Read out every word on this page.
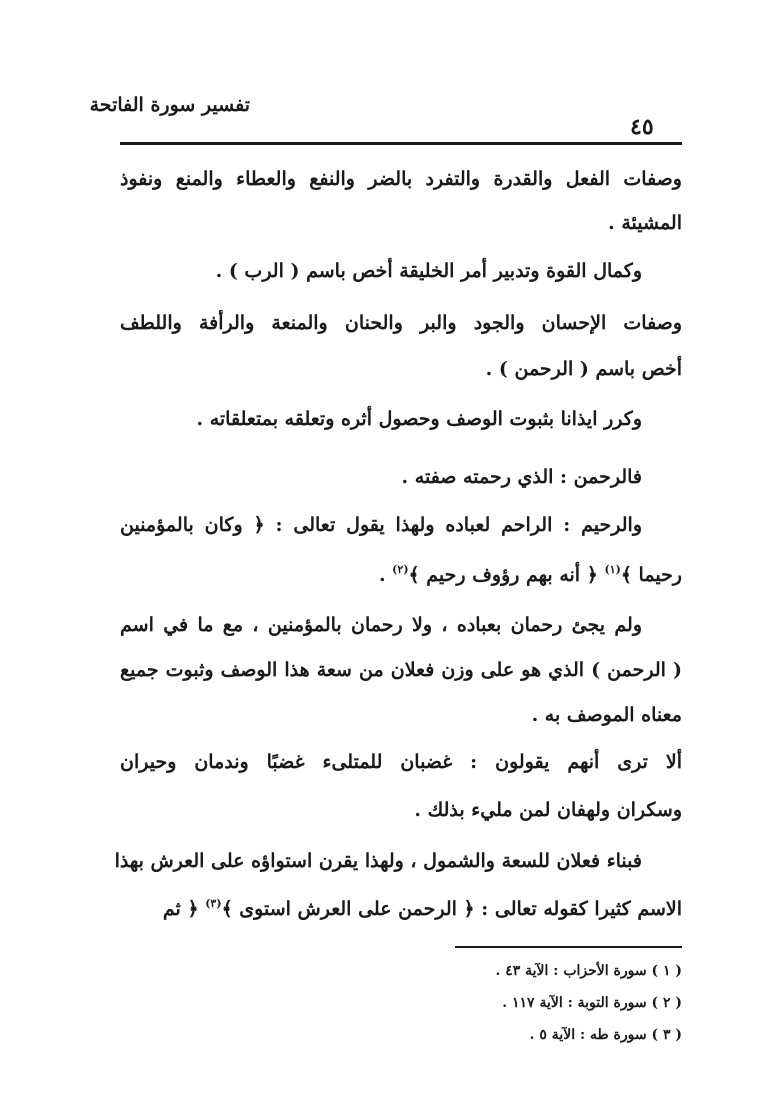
تفسير سورة الفاتحة
٤٥
وصفات الفعل والقدرة والتفرد بالضر والنفع والعطاء والمنع ونفوذ
المشيئة .
وكمال القوة وتدبير أمر الخليقة أخص باسم ( الرب ) .
وصفات الإحسان والجود والبر والحنان والمنعة والرأفة واللطف
أخص باسم ( الرحمن ) .
وكرر ايذانا بثبوت الوصف وحصول أثره وتعلقه بمتعلقاته .
فالرحمن : الذي رحمته صفته .
والرحيم : الراحم لعباده ولهذا يقول تعالى : ﴿ وكان بالمؤمنين
رحيما ﴾$^{(١)}$ ﴿ أنه بهم رؤوف رحيم ﴾$^{(٢)}$ .
ولم يجئ رحمان بعباده ، ولا رحمان بالمؤمنين ، مع ما في اسم
( الرحمن ) الذي هو على وزن فعلان من سعة هذا الوصف وثبوت جميع
معناه الموصف به .
ألا ترى أنهم يقولون : غضبان للمتلىء غضبًا وندمان وحيران
وسكران ولهفان لمن مليء بذلك .
فبناء فعلان للسعة والشمول ، ولهذا يقرن استواؤه على العرش بهذا
الاسم كثيرا كقوله تعالى : ﴿ الرحمن على العرش استوى ﴾$^{(٣)}$ ﴿ ثم
( ١ ) سورة الأحزاب : الآية ٤٣ .
( ٢ ) سورة التوبة : الآية ١١٧ .
( ٣ ) سورة طه : الآية ٥ .
